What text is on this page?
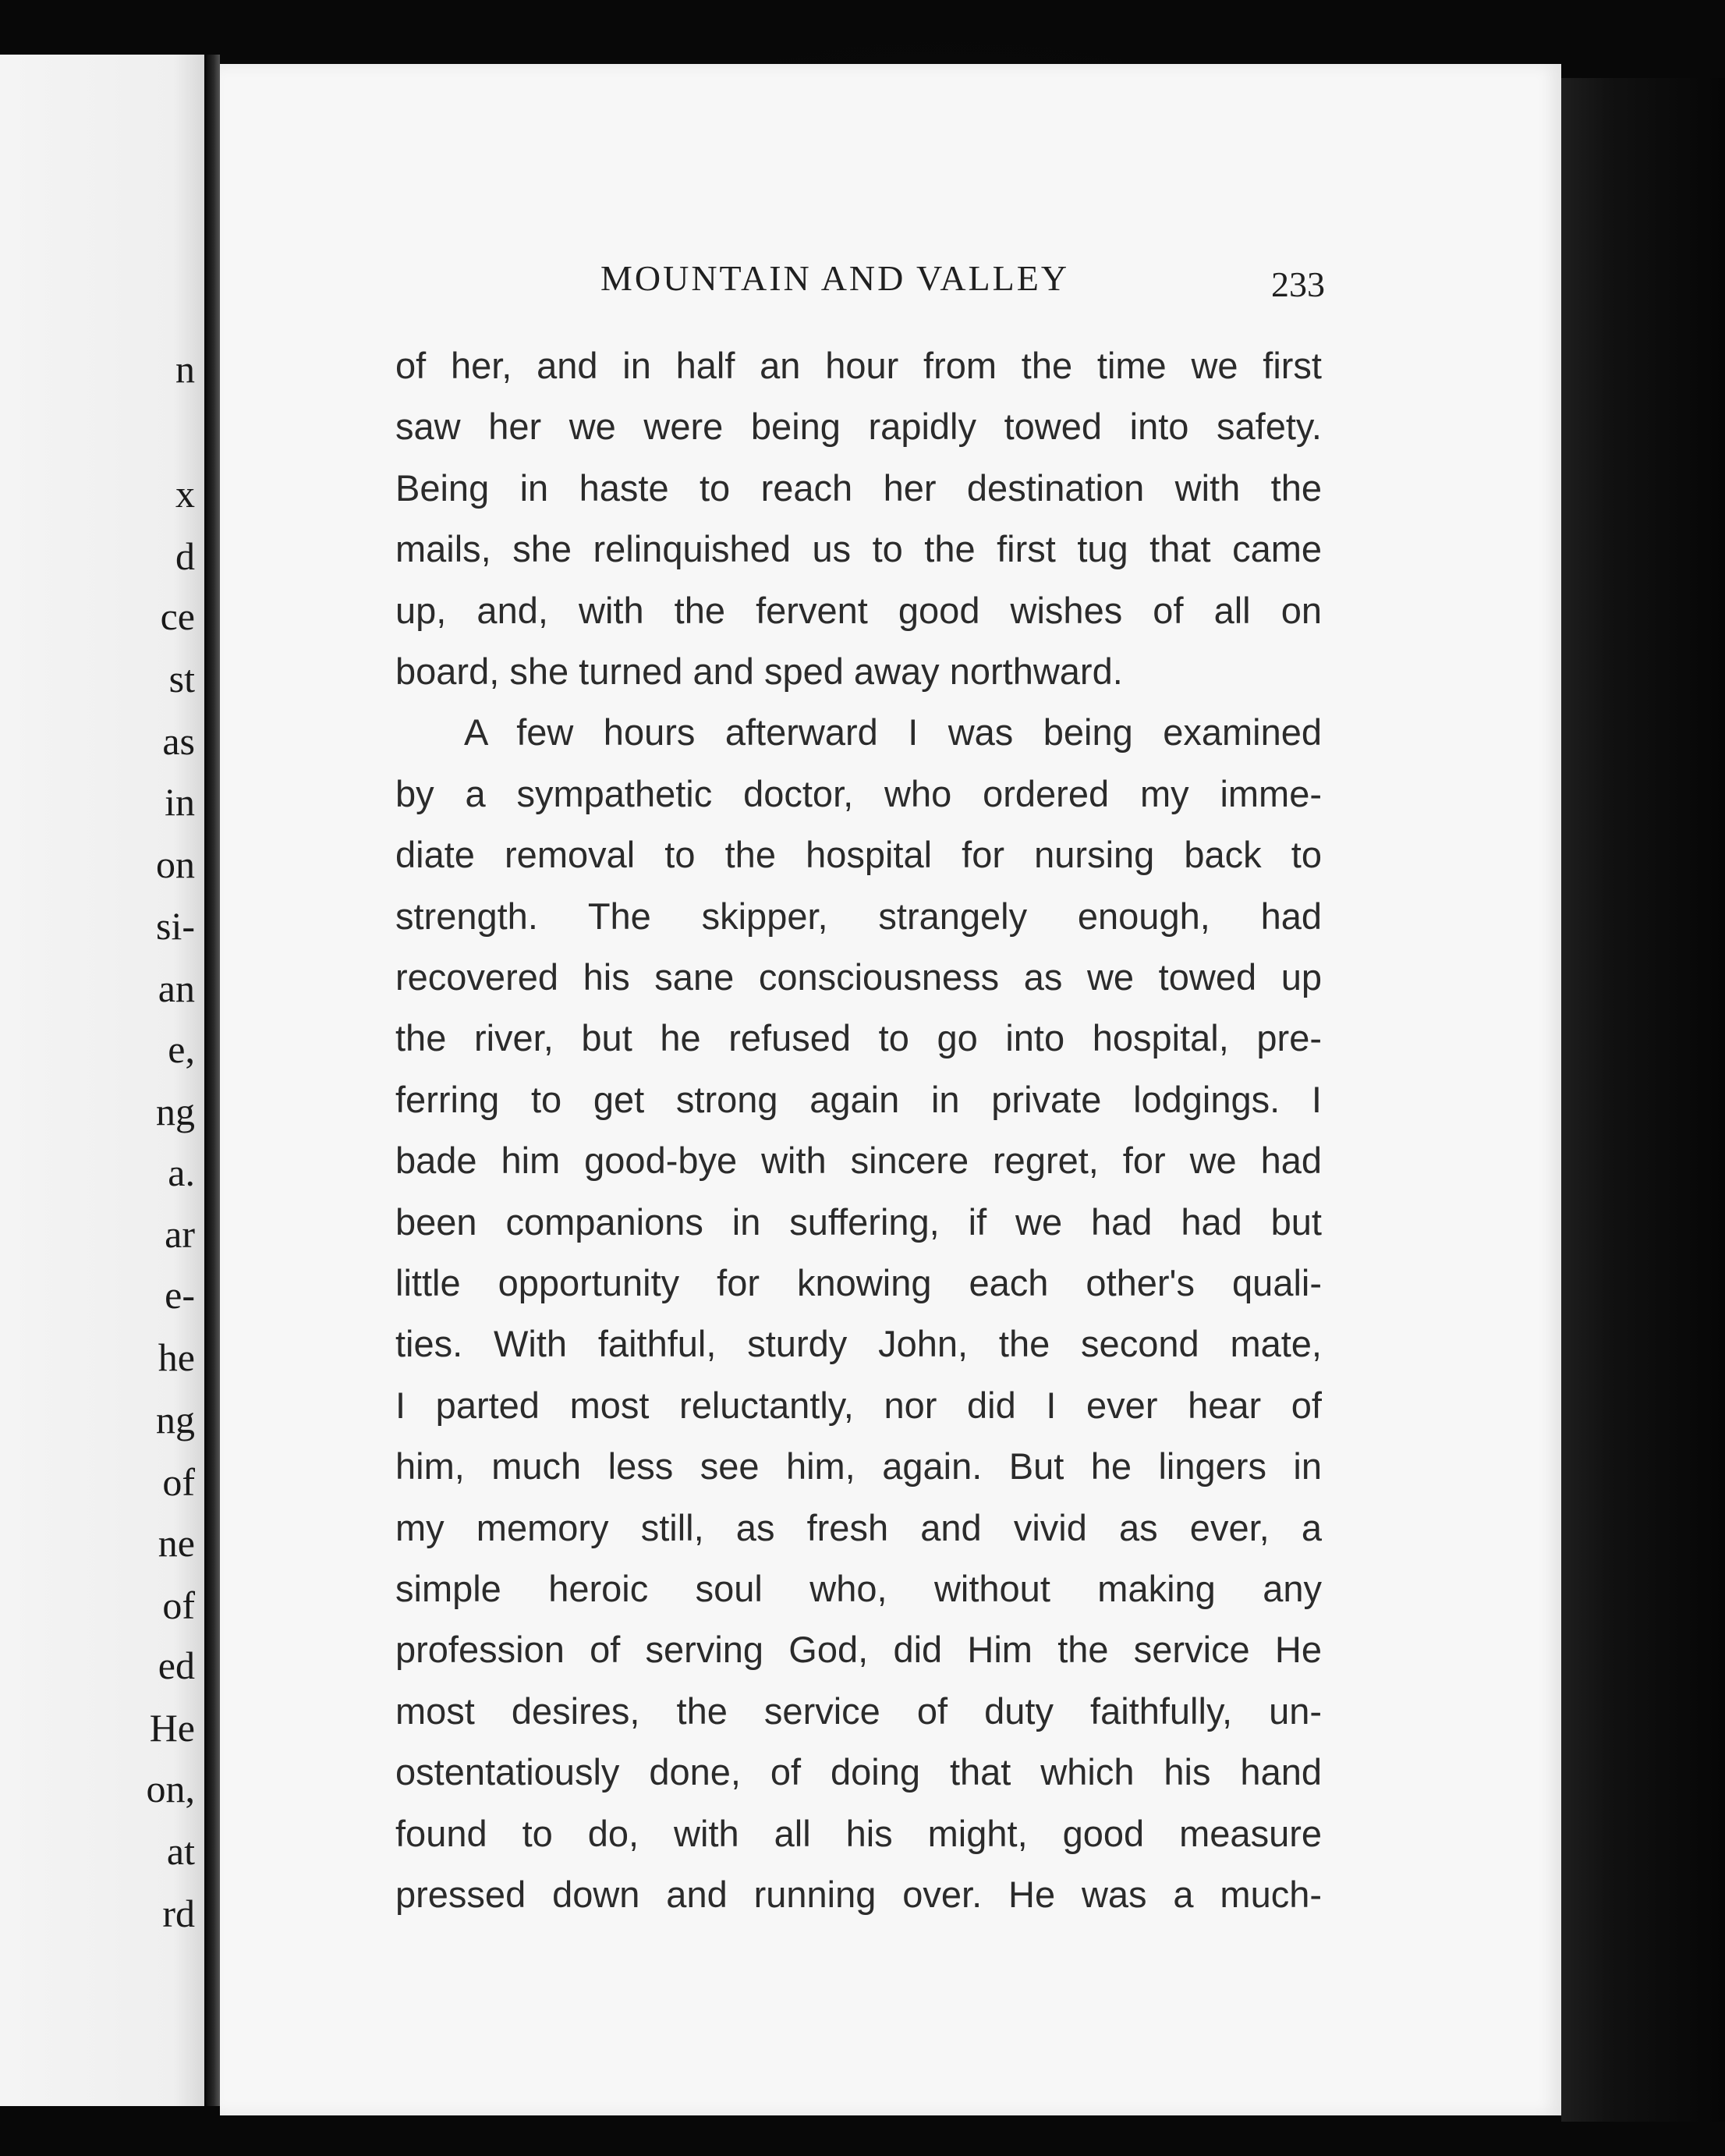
n
x
d
ce
st
as
in
on
si-
an
e,
ng
a.
ar
e-
he
ng
of
ne
of
ed
He
on,
at
rd
MOUNTAIN AND VALLEY	233
of her, and in half an hour from the time we first
saw her we were being rapidly towed into safety.
Being in haste to reach her destination with the
mails, she relinquished us to the first tug that came
up, and, with the fervent good wishes of all on
board, she turned and sped away northward.
A few hours afterward I was being examined
by a sympathetic doctor, who ordered my imme-
diate removal to the hospital for nursing back to
strength. The skipper, strangely enough, had
recovered his sane consciousness as we towed up
the river, but he refused to go into hospital, pre-
ferring to get strong again in private lodgings. I
bade him good-bye with sincere regret, for we had
been companions in suffering, if we had had but
little opportunity for knowing each other's quali-
ties. With faithful, sturdy John, the second mate,
I parted most reluctantly, nor did I ever hear of
him, much less see him, again. But he lingers in
my memory still, as fresh and vivid as ever, a
simple heroic soul who, without making any
profession of serving God, did Him the service He
most desires, the service of duty faithfully, un-
ostentatiously done, of doing that which his hand
found to do, with all his might, good measure
pressed down and running over. He was a much-
